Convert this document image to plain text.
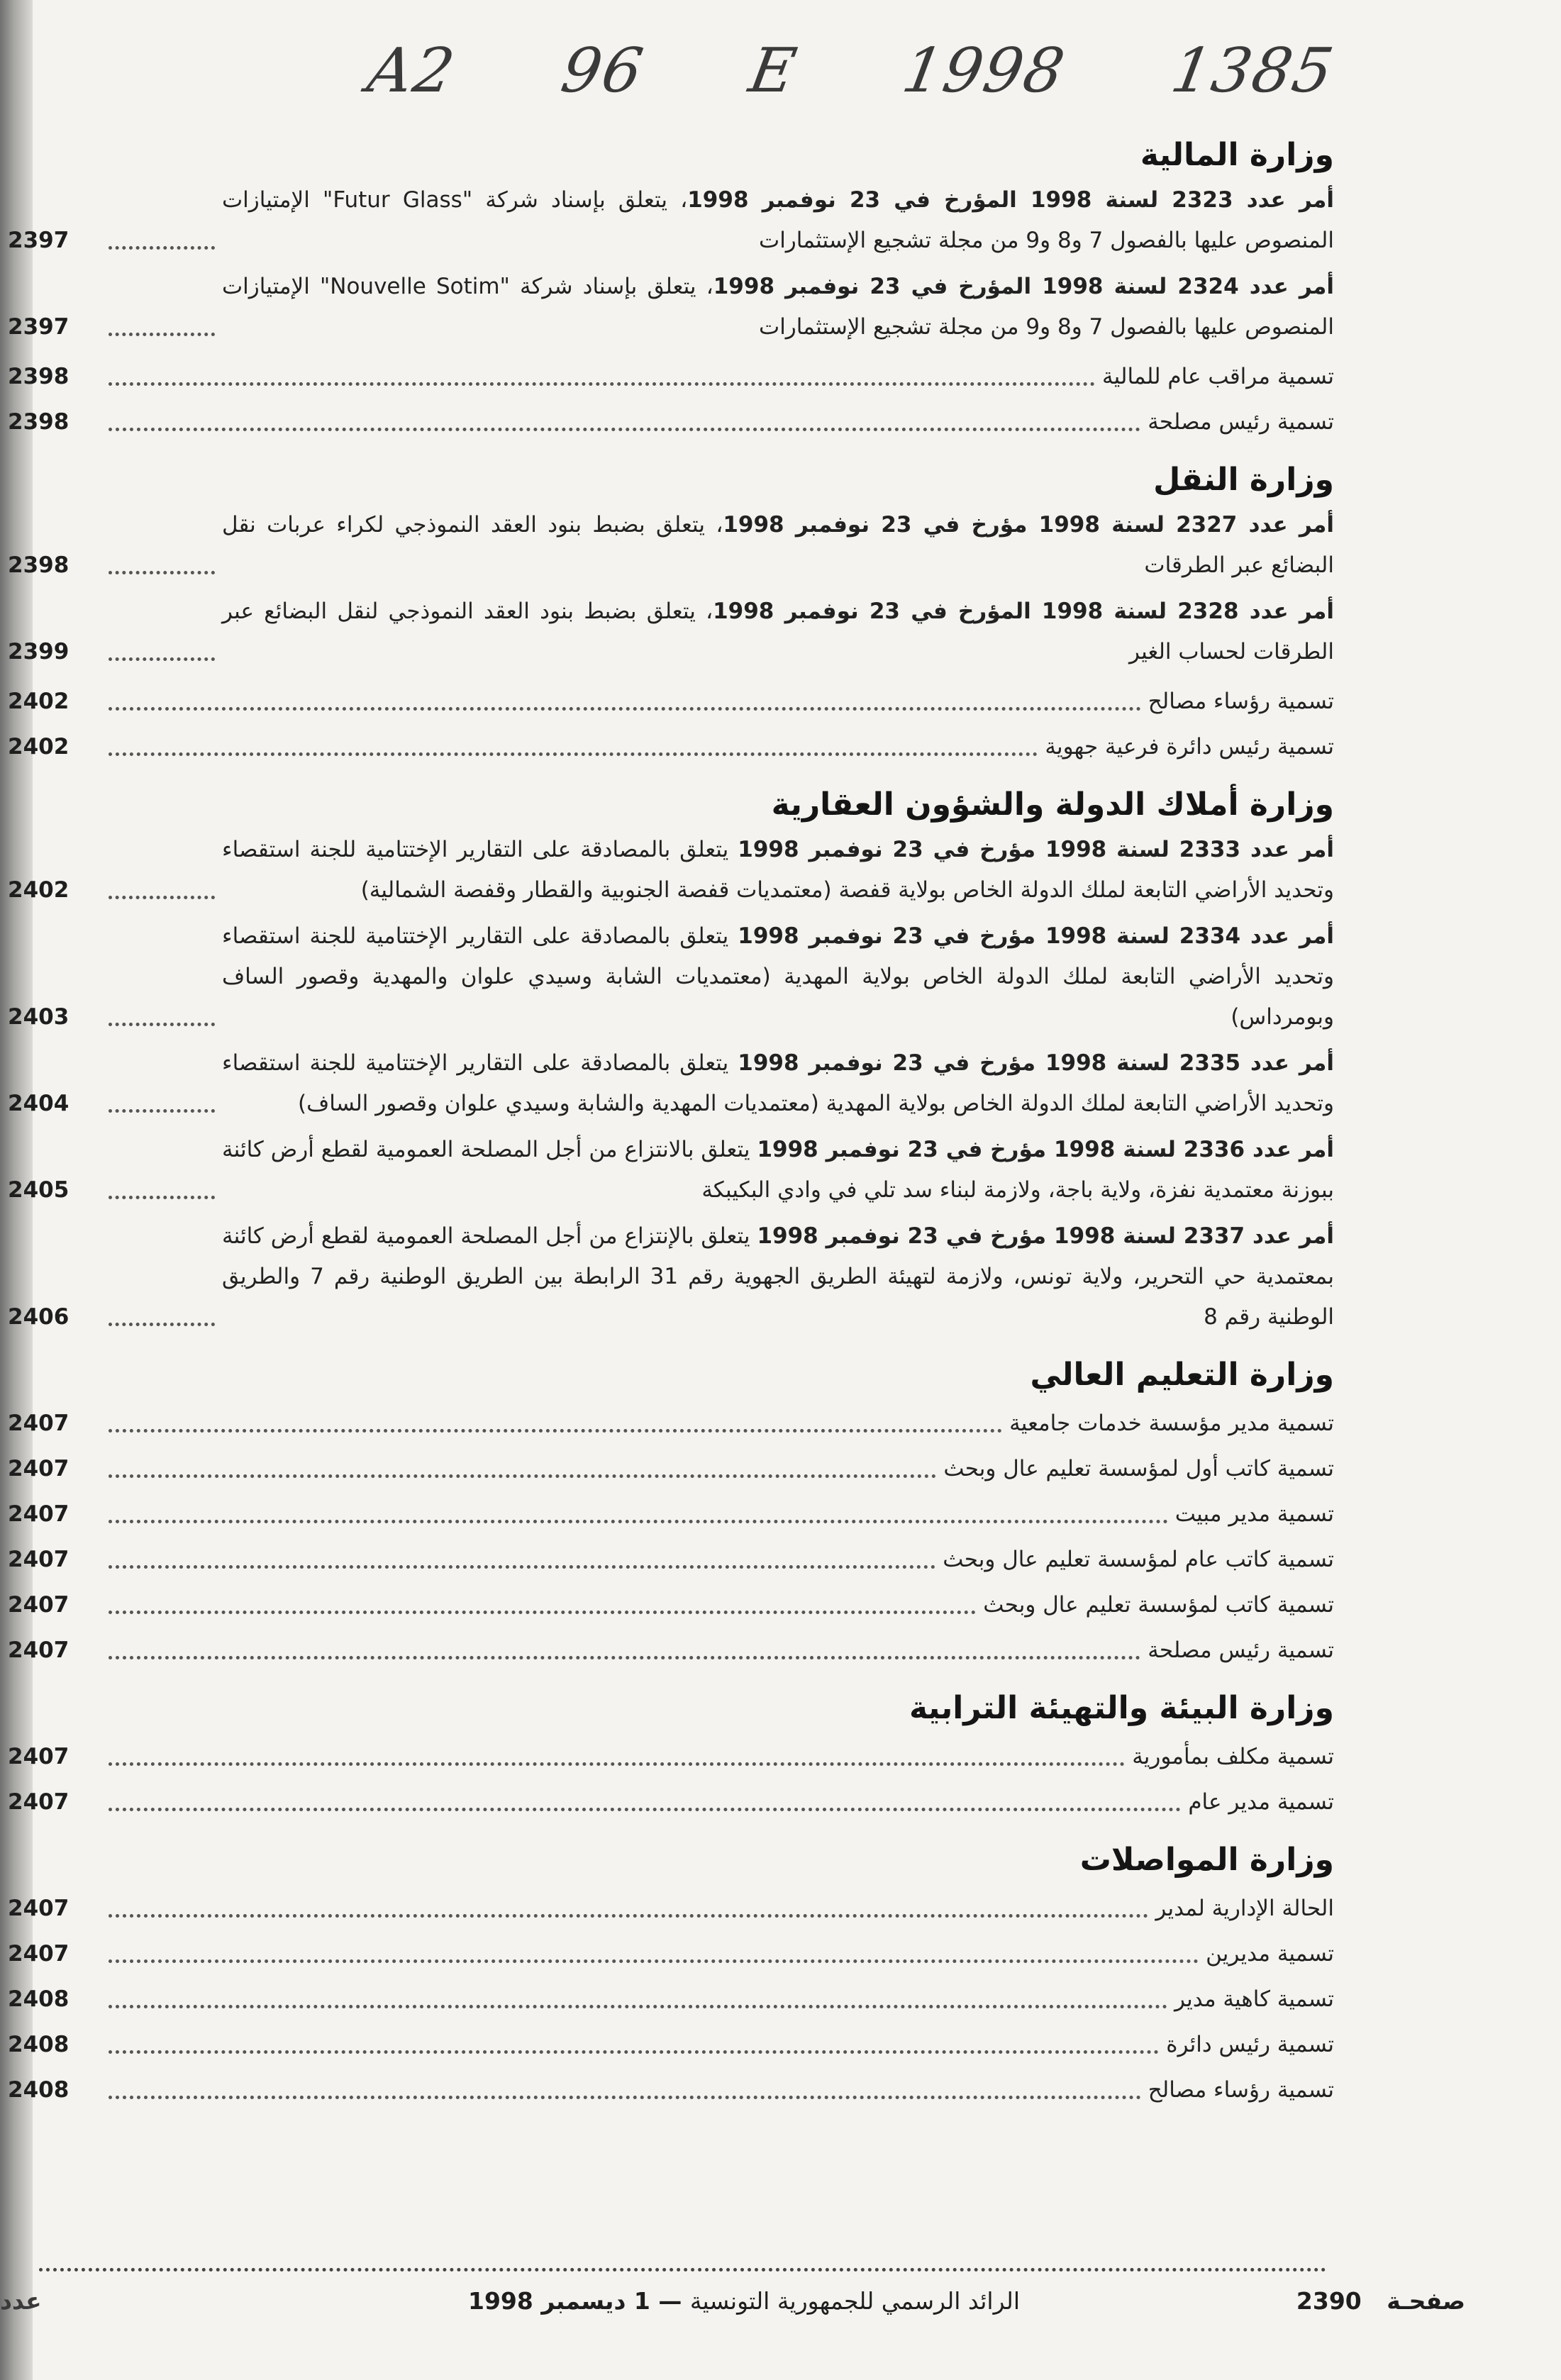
A2 96 E 1998 1385
وزارة المالية
أمر عدد 2323 لسنة 1998 المؤرخ في 23 نوفمبر 1998، يتعلق بإسناد شركة "Futur Glass" الإمتيازات المنصوص عليها بالفصول 7 و8 و9 من مجلة تشجيع الإستثمارات
2397
أمر عدد 2324 لسنة 1998 المؤرخ في 23 نوفمبر 1998، يتعلق بإسناد شركة "Nouvelle Sotim" الإمتيازات المنصوص عليها بالفصول 7 و8 و9 من مجلة تشجيع الإستثمارات
2397
تسمية مراقب عام للمالية
2398
تسمية رئيس مصلحة
2398
وزارة النقل
أمر عدد 2327 لسنة 1998 مؤرخ في 23 نوفمبر 1998، يتعلق بضبط بنود العقد النموذجي لكراء عربات نقل البضائع عبر الطرقات
2398
أمر عدد 2328 لسنة 1998 المؤرخ في 23 نوفمبر 1998، يتعلق بضبط بنود العقد النموذجي لنقل البضائع عبر الطرقات لحساب الغير
2399
تسمية رؤساء مصالح
2402
تسمية رئيس دائرة فرعية جهوية
2402
وزارة أملاك الدولة والشؤون العقارية
أمر عدد 2333 لسنة 1998 مؤرخ في 23 نوفمبر 1998 يتعلق بالمصادقة على التقارير الإختتامية للجنة استقصاء وتحديد الأراضي التابعة لملك الدولة الخاص بولاية قفصة (معتمديات قفصة الجنوبية والقطار وقفصة الشمالية)
2402
أمر عدد 2334 لسنة 1998 مؤرخ في 23 نوفمبر 1998 يتعلق بالمصادقة على التقارير الإختتامية للجنة استقصاء وتحديد الأراضي التابعة لملك الدولة الخاص بولاية المهدية (معتمديات الشابة وسيدي علوان والمهدية وقصور الساف وبومرداس)
2403
أمر عدد 2335 لسنة 1998 مؤرخ في 23 نوفمبر 1998 يتعلق بالمصادقة على التقارير الإختتامية للجنة استقصاء وتحديد الأراضي التابعة لملك الدولة الخاص بولاية المهدية (معتمديات المهدية والشابة وسيدي علوان وقصور الساف)
2404
أمر عدد 2336 لسنة 1998 مؤرخ في 23 نوفمبر 1998 يتعلق بالانتزاع من أجل المصلحة العمومية لقطع أرض كائنة ببوزنة معتمدية نفزة، ولاية باجة، ولازمة لبناء سد تلي في وادي البكيبكة
2405
أمر عدد 2337 لسنة 1998 مؤرخ في 23 نوفمبر 1998 يتعلق بالإنتزاع من أجل المصلحة العمومية لقطع أرض كائنة بمعتمدية حي التحرير، ولاية تونس، ولازمة لتهيئة الطريق الجهوية رقم 31 الرابطة بين الطريق الوطنية رقم 7 والطريق الوطنية رقم 8
2406
وزارة التعليم العالي
تسمية مدير مؤسسة خدمات جامعية
2407
تسمية كاتب أول لمؤسسة تعليم عال وبحث
2407
تسمية مدير مبيت
2407
تسمية كاتب عام لمؤسسة تعليم عال وبحث
2407
تسمية كاتب لمؤسسة تعليم عال وبحث
2407
تسمية رئيس مصلحة
2407
وزارة البيئة والتهيئة الترابية
تسمية مكلف بمأمورية
2407
تسمية مدير عام
2407
وزارة المواصلات
الحالة الإدارية لمدير
2407
تسمية مديرين
2407
تسمية كاهية مدير
2408
تسمية رئيس دائرة
2408
تسمية رؤساء مصالح
2408
عدد	الرائد الرسمي للجمهورية التونسية — 1 ديسمبر 1998	صفحـة 2390
